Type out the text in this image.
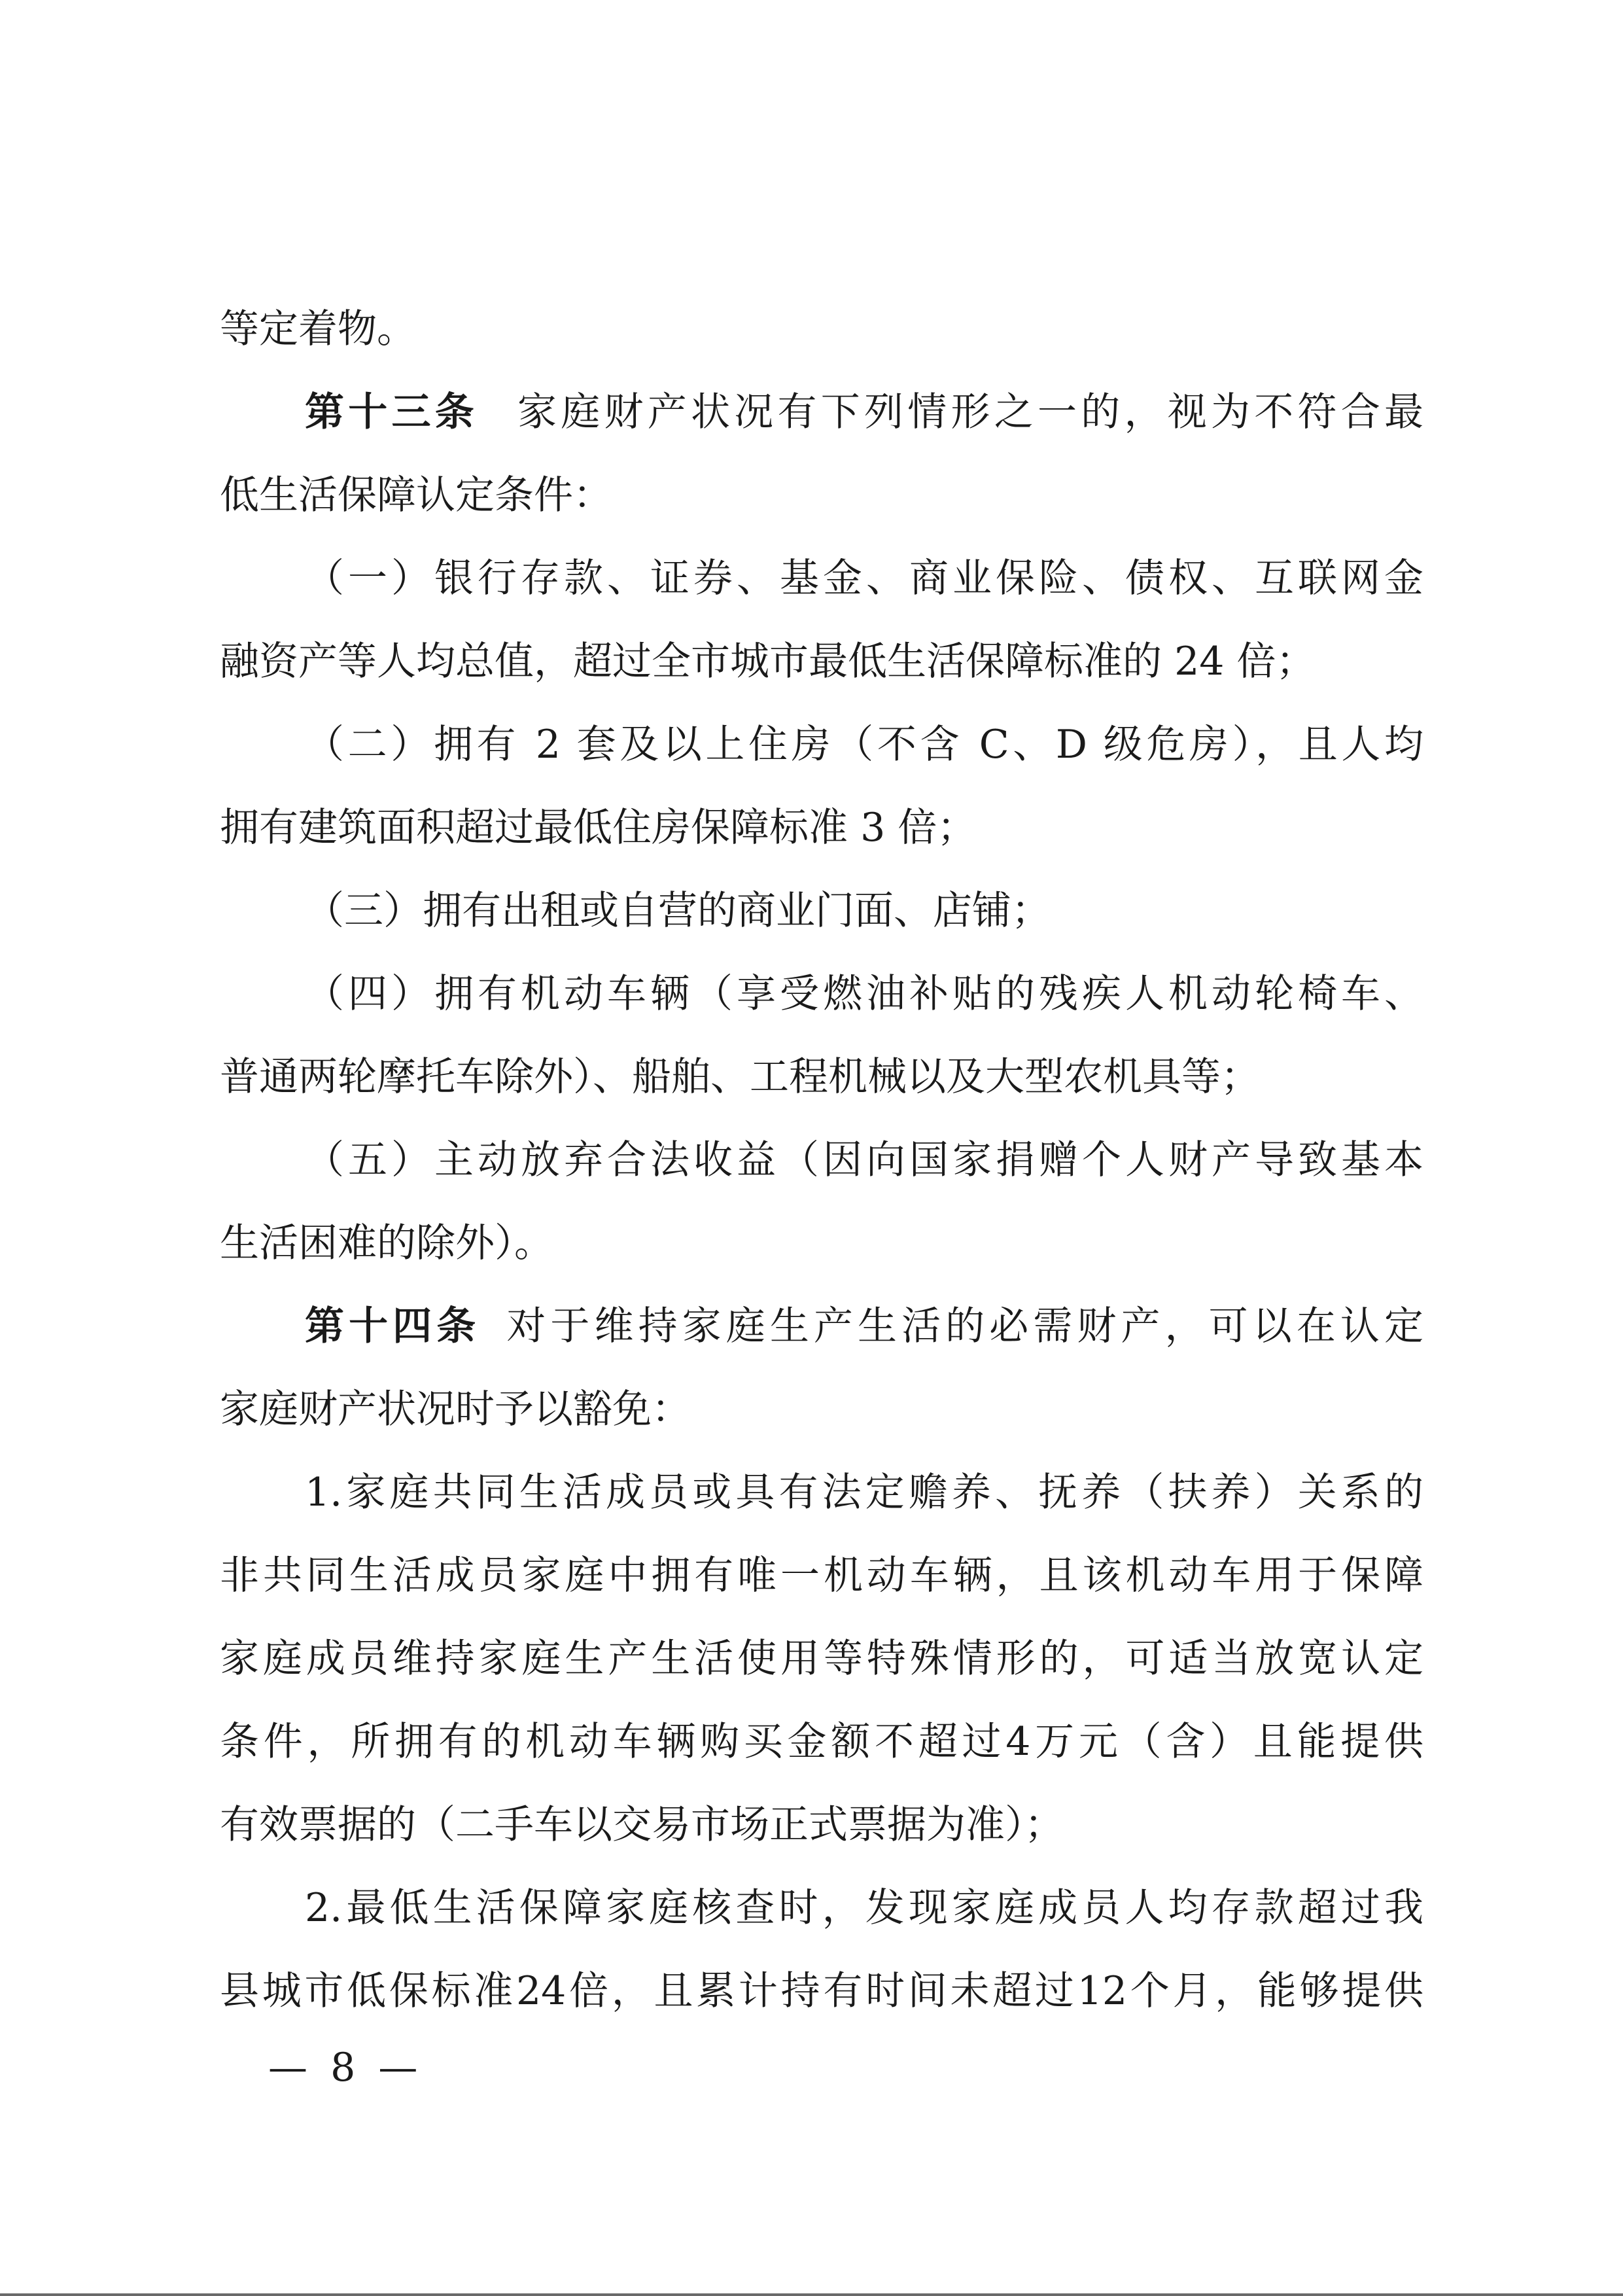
等定着物。
第十三条 家庭财产状况有下列情形之一的，视为不符合最
低生活保障认定条件：
（一）银行存款、证券、基金、商业保险、债权、互联网金
融资产等人均总值，超过全市城市最低生活保障标准的 24 倍；
（二）拥有 2 套及以上住房（不含 C、D 级危房），且人均
拥有建筑面积超过最低住房保障标准 3 倍；
（三）拥有出租或自营的商业门面、店铺；
（四）拥有机动车辆（享受燃油补贴的残疾人机动轮椅车、
普通两轮摩托车除外）、船舶、工程机械以及大型农机具等；
（五）主动放弃合法收益（因向国家捐赠个人财产导致基本
生活困难的除外）。
第十四条 对于维持家庭生产生活的必需财产，可以在认定
家庭财产状况时予以豁免：
1.家庭共同生活成员或具有法定赡养、抚养（扶养）关系的
非共同生活成员家庭中拥有唯一机动车辆，且该机动车用于保障
家庭成员维持家庭生产生活使用等特殊情形的，可适当放宽认定
条件，所拥有的机动车辆购买金额不超过4万元（含）且能提供
有效票据的（二手车以交易市场正式票据为准）；
2.最低生活保障家庭核查时，发现家庭成员人均存款超过我
县城市低保标准24倍，且累计持有时间未超过12个月，能够提供
— 8 —
